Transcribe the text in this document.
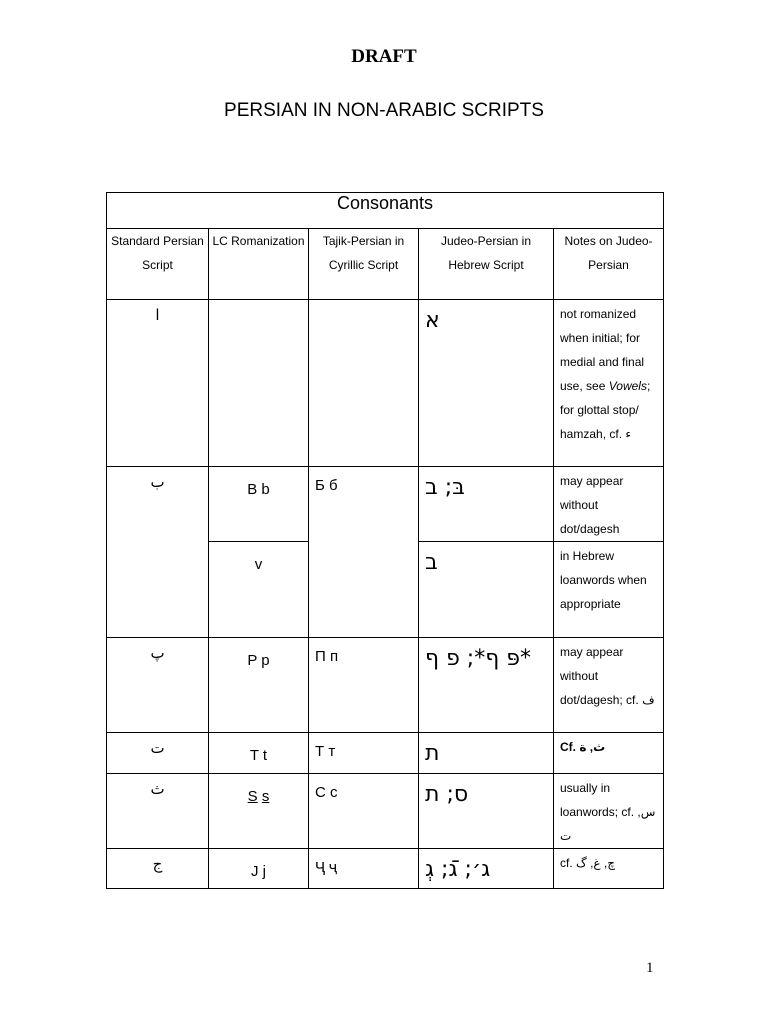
DRAFT
PERSIAN IN NON-ARABIC SCRIPTS
Consonants				
Standard Persian Script	LC Romanization	Tajik-Persian in Cyrillic Script	Judeo-Persian in Hebrew Script	Notes on Judeo-Persian
ا			א	not romanized when initial; for medial and final use, see Vowels; for glottal stop/ hamzah, cf. ء
ب	B b	Б б	בּ; ב	may appear without dot/dagesh
	v		ב	in Hebrew loanwords when appropriate
پ	P p	П п	פּ ף*; פ ף*	may appear without dot/dagesh; cf. ف
ت	T t	Т т	ת	Cf. ث, ة
ث	S s	С с	ס; ת	usually in loanwords; cf. س, ت
ج	J j	Ҷ ҷ	ג׳; גֿ; גְ	cf. چ, غ, گ
1
